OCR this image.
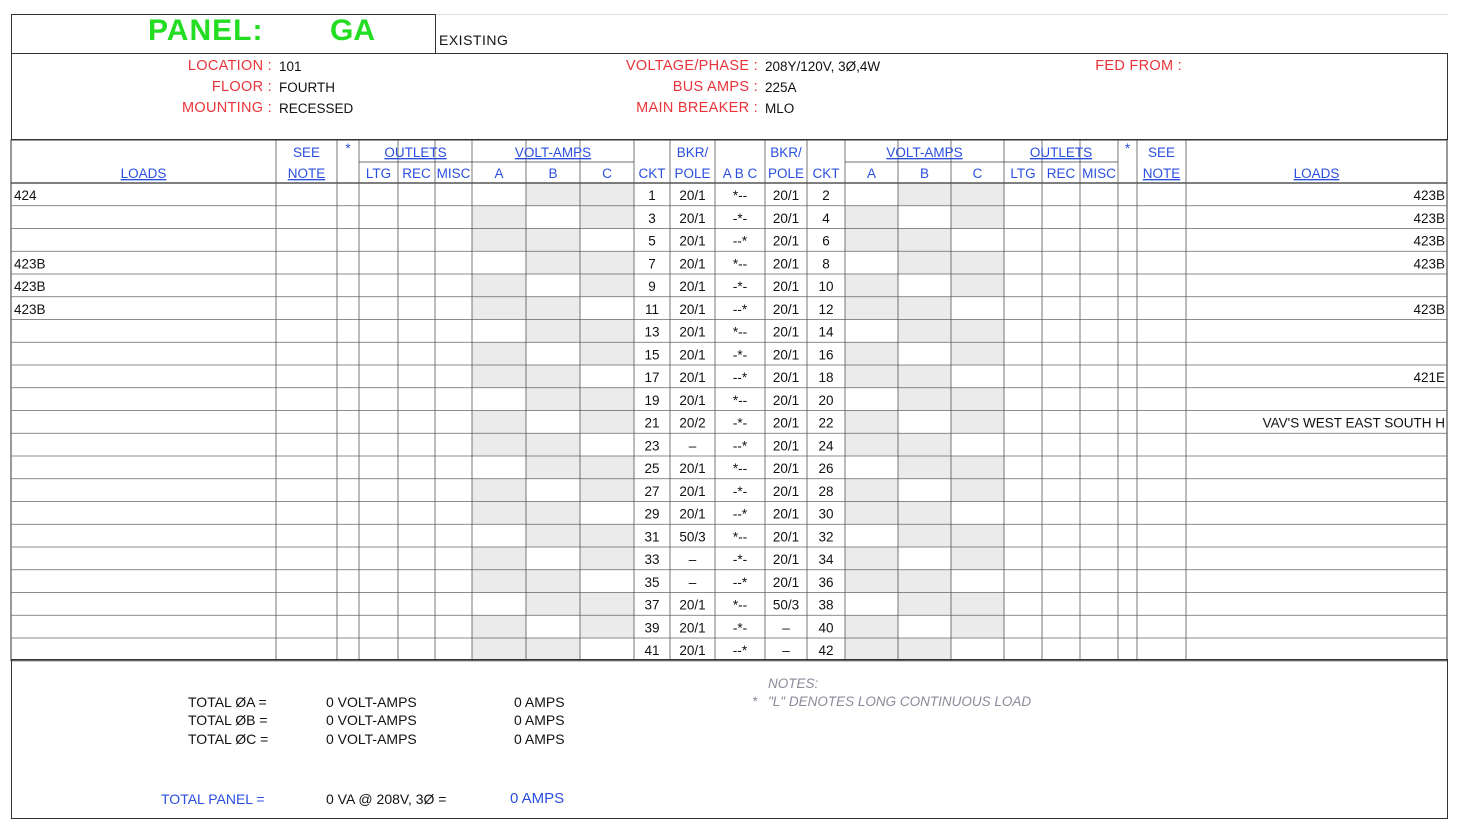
PANEL: GA	EXISTING
LOCATION : 101
FLOOR : FOURTH
MOUNTING : RECESSED
VOLTAGE/PHASE : 208Y/120V, 3Ø,4W
BUS AMPS : 225A
MAIN BREAKER : MLO
FED FROM :
LOADS
SEE
NOTE
* OUTLETS
LTG REC MISC
VOLT-AMPS
A	B	C CKT
BKR/
POLE A B C
BKR/
POLE CKT
VOLT-AMPS
A	B	C
OUTLETS
LTG REC MISC
* SEE
NOTE	LOADS
424	1 20/1 *-- 20/1 2	423B
3 20/1 -*- 20/1 4	423B
5 20/1 --* 20/1 6	423B
423B	7 20/1 *-- 20/1 8	423B
423B	9 20/1 -*- 20/1 10
423B	11 20/1 --* 20/1 12	423B
13 20/1 *-- 20/1 14
15 20/1 -*- 20/1 16
17 20/1 --* 20/1 18	421E
19 20/1 *-- 20/1 20
21 20/2 -*- 20/1 22	VAV'S WEST EAST SOUTH H
23 –	--* 20/1 24
25 20/1 *-- 20/1 26
27 20/1 -*- 20/1 28
29 20/1 --* 20/1 30
31 50/3 *-- 20/1 32
33 –	-*- 20/1 34
35 –	--* 20/1 36
37 20/1 *-- 50/3 38
39 20/1 -*-	– 40
41 20/1 --*	– 42
TOTAL ØA =	0 VOLT-AMPS	0 AMPS
TOTAL ØB =	0 VOLT-AMPS	0 AMPS
TOTAL ØC =	0 VOLT-AMPS	0 AMPS
TOTAL PANEL =	0 VA @ 208V, 3Ø =	0 AMPS
NOTES:
* "L" DENOTES LONG CONTINUOUS LOAD
